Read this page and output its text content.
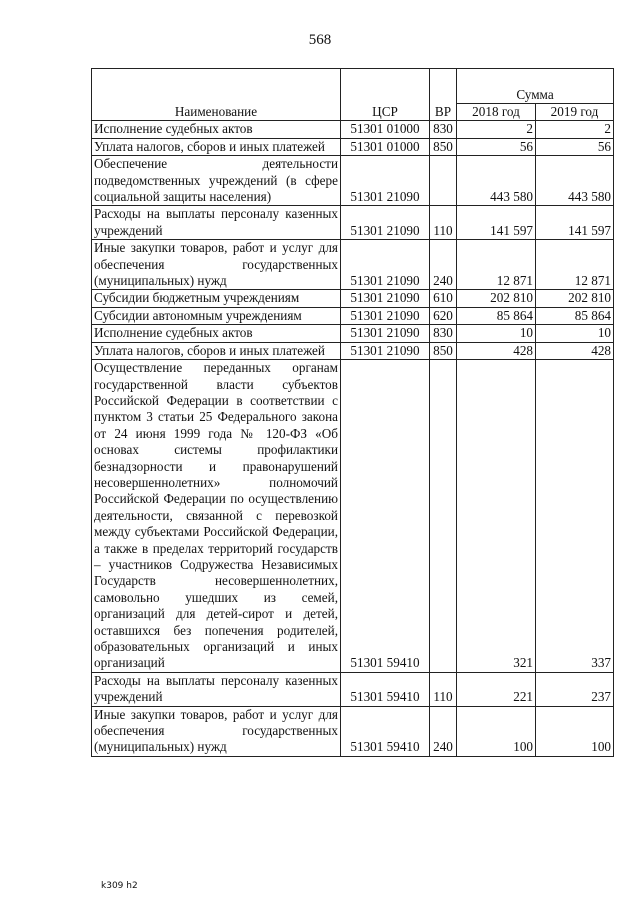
568
Наименование	ЦСР	ВР	Сумма	
			2018 год	2019 год
Исполнение судебных актов	51301 01000	830	2	2
Уплата налогов, сборов и иных платежей	51301 01000	850	56	56
Обеспечение деятельности подведомственных учреждений (в сфере социальной защиты населения)	51301 21090		443 580	443 580
Расходы на выплаты персоналу казенных учреждений	51301 21090	110	141 597	141 597
Иные закупки товаров, работ и услуг для обеспечения государственных (муниципальных) нужд	51301 21090	240	12 871	12 871
Субсидии бюджетным учреждениям	51301 21090	610	202 810	202 810
Субсидии автономным учреждениям	51301 21090	620	85 864	85 864
Исполнение судебных актов	51301 21090	830	10	10
Уплата налогов, сборов и иных платежей	51301 21090	850	428	428
Осуществление переданных органам государственной власти субъектов Российской Федерации в соответствии с пунктом 3 статьи 25 Федерального закона от 24 июня 1999 года № 120-ФЗ «Об основах системы профилактики безнадзорности и правонарушений несовершеннолетних» полномочий Российской Федерации по осуществлению деятельности, связанной с перевозкой между субъектами Российской Федерации, а также в пределах территорий государств – участников Содружества Независимых Государств несовершеннолетних, самовольно ушедших из семей, организаций для детей-сирот и детей, оставшихся без попечения родителей, образовательных организаций и иных организаций	51301 59410		321	337
Расходы на выплаты персоналу казенных учреждений	51301 59410	110	221	237
Иные закупки товаров, работ и услуг для обеспечения государственных (муниципальных) нужд	51301 59410	240	100	100
k309 h2
